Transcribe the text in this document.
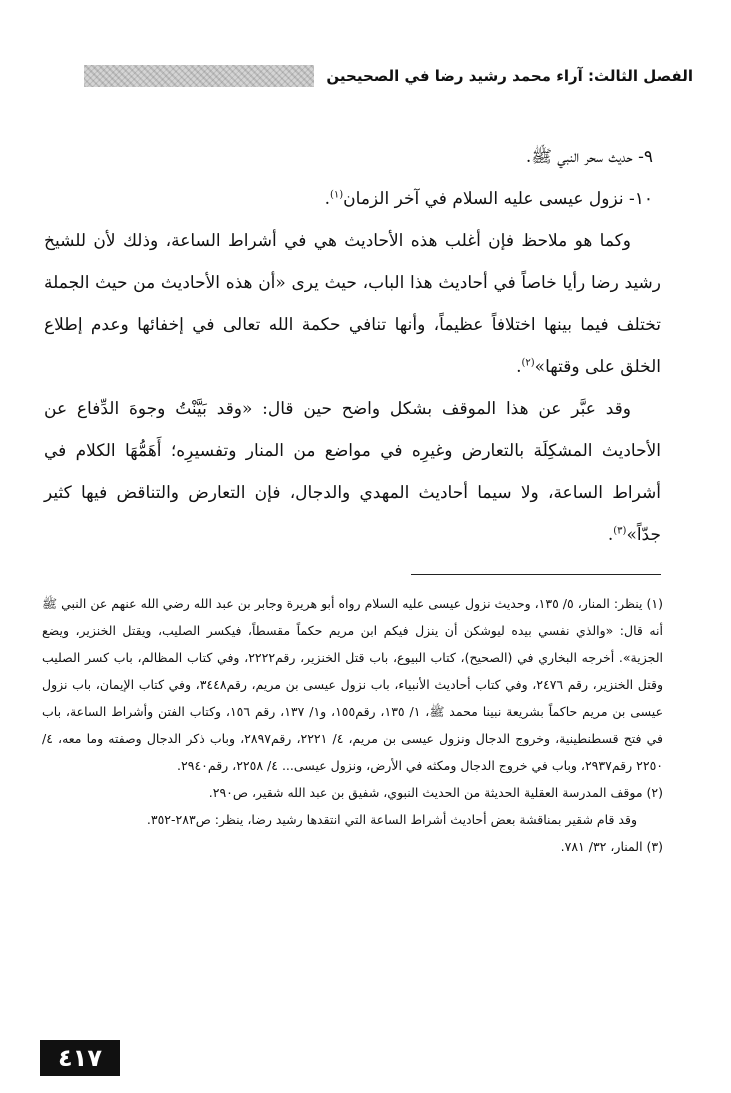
الفصل الثالث: آراء محمد رشيد رضا في الصحيحين

٩- حديث سحر النبي ﷺ.

١٠- نزول عيسى عليه السلام في آخر الزمان$^{(١)}$.

وكما هو ملاحظ فإن أغلب هذه الأحاديث هي في أشراط الساعة، وذلك لأن للشيخ رشيد رضا رأيا خاصاً في أحاديث هذا الباب، حيث يرى «أن هذه الأحاديث من حيث الجملة تختلف فيما بينها اختلافاً عظيماً، وأنها تنافي حكمة الله تعالى في إخفائها وعدم إطلاع الخلق على وقتها»$^{(٢)}$.

وقد عبَّر عن هذا الموقف بشكل واضح حين قال: «وقد بَيَّنْتُ وجوهَ الدِّفاع عن الأحاديث المشكِلَة بالتعارض وغيرِه في مواضع من المنار وتفسيرِه؛ أَهَمُّهَا الكلام في أشراط الساعة، ولا سيما أحاديث المهدي والدجال، فإن التعارض والتناقض فيها كثير جدّاً»$^{(٣)}$.

(١) ينظر: المنار، ٥/ ١٣٥، وحديث نزول عيسى عليه السلام رواه أبو هريرة وجابر بن عبد الله رضي الله عنهم عن النبي ﷺ أنه قال: «والذي نفسي بيده ليوشكن أن ينزل فيكم ابن مريم حكماً مقسطاً، فيكسر الصليب، ويقتل الخنزير، ويضع الجزية». أخرجه البخاري في (الصحيح)، كتاب البيوع، باب قتل الخنزير، رقم٢٢٢٢، وفي كتاب المظالم، باب كسر الصليب وقتل الخنزير، رقم ٢٤٧٦، وفي كتاب أحاديث الأنبياء، باب نزول عيسى بن مريم، رقم٣٤٤٨، وفي كتاب الإيمان، باب نزول عيسى بن مريم حاكماً بشريعة نبينا محمد ﷺ، ١/ ١٣٥، رقم١٥٥، و١/ ١٣٧، رقم ١٥٦، وكتاب الفتن وأشراط الساعة، باب في فتح قسطنطينية، وخروج الدجال ونزول عيسى بن مريم، ٤/ ٢٢٢١، رقم٢٨٩٧، وباب ذكر الدجال وصفته وما معه، ٤/ ٢٢٥٠ رقم٢٩٣٧، وباب في خروج الدجال ومكثه في الأرض، ونزول عيسى... ٤/ ٢٢٥٨، رقم٢٩٤٠.

(٢) موقف المدرسة العقلية الحديثة من الحديث النبوي، شفيق بن عبد الله شقير، ص٢٩٠.

وقد قام شقير بمناقشة بعض أحاديث أشراط الساعة التي انتقدها رشيد رضا، ينظر: ص٢٨٣-٣٥٢.

(٣) المنار، ٣٢/ ٧٨١.

٤١٧
